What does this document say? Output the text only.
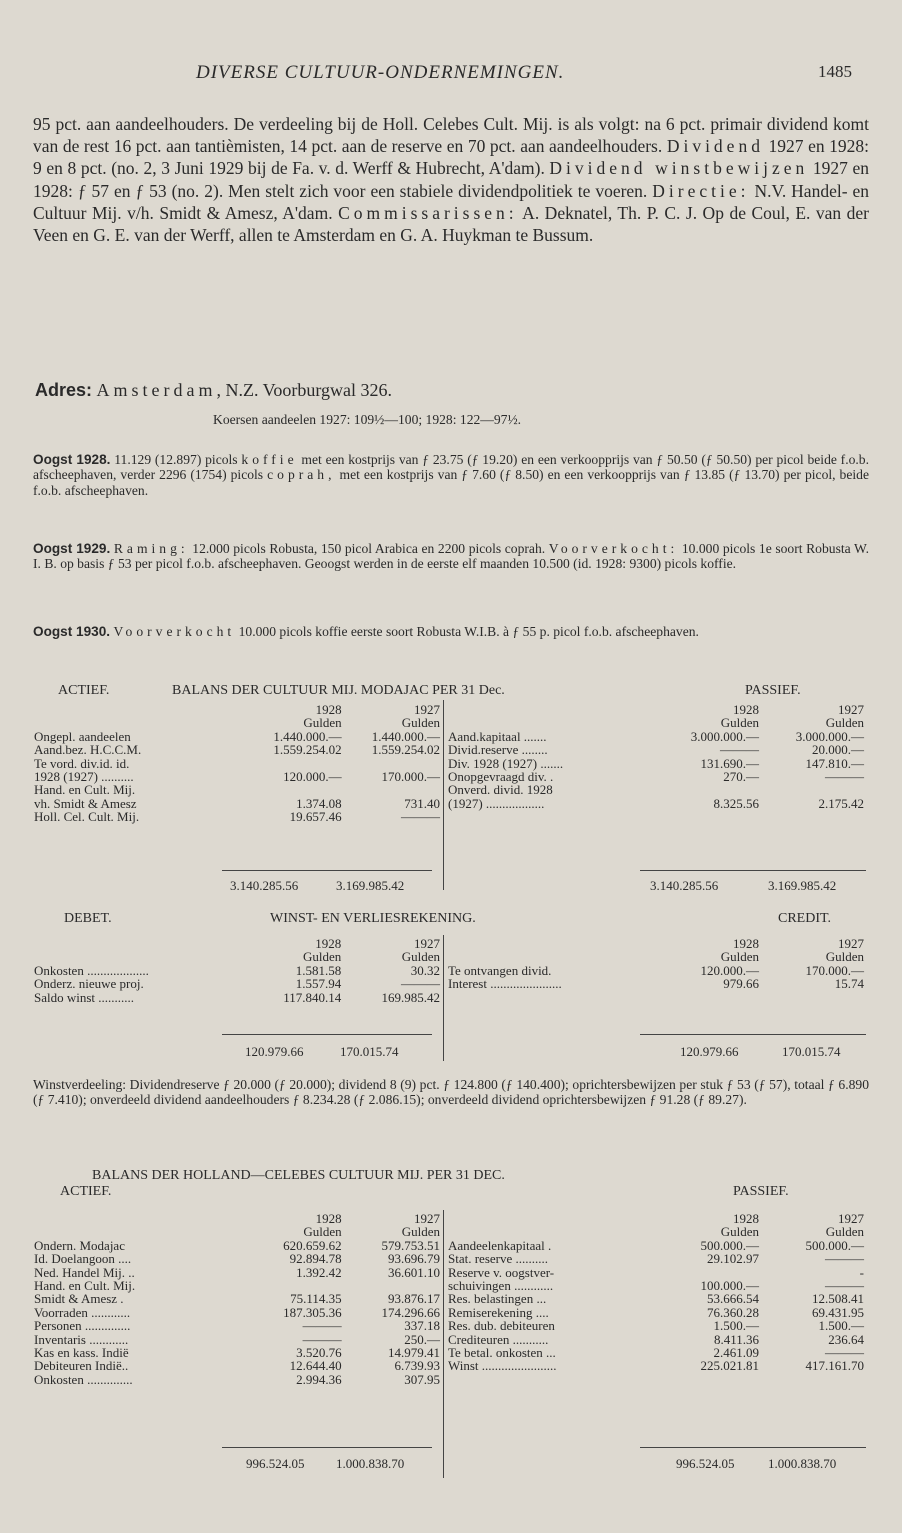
DIVERSE CULTUUR-ONDERNEMINGEN.	1485

95 pct. aan aandeelhouders. De verdeeling bij de Holl. Celebes Cult. Mij. is als volgt: na 6 pct. primair dividend komt van de rest 16 pct. aan tantièmisten, 14 pct. aan de reserve en 70 pct. aan aandeelhouders. Dividend 1927 en 1928: 9 en 8 pct. (no. 2, 3 Juni 1929 bij de Fa. v. d. Werff & Hubrecht, A'dam). Dividend winstbewijzen 1927 en 1928: ƒ 57 en ƒ 53 (no. 2). Men stelt zich voor een stabiele dividendpolitiek te voeren. Directie: N.V. Handel- en Cultuur Mij. v/h. Smidt & Amesz, A'dam. Commissarissen: A. Deknatel, Th. P. C. J. Op de Coul, E. van der Veen en G. E. van der Werff, allen te Amsterdam en G. A. Huykman te Bussum.

Adres: Amsterdam, N.Z. Voorburgwal 326.
Koersen aandeelen 1927: 109½—100; 1928: 122—97½.

Oogst 1928. 11.129 (12.897) picols koffie met een kostprijs van ƒ 23.75 (ƒ 19.20) en een verkoopprijs van ƒ 50.50 (ƒ 50.50) per picol beide f.o.b. afscheephaven, verder 2296 (1754) picols coprah, met een kostprijs van ƒ 7.60 (ƒ 8.50) en een verkoopprijs van ƒ 13.85 (ƒ 13.70) per picol, beide f.o.b. afscheephaven.

Oogst 1929. Raming: 12.000 picols Robusta, 150 picol Arabica en 2200 picols coprah. Voorverkocht: 10.000 picols 1e soort Robusta W. I. B. op basis ƒ 53 per picol f.o.b. afscheephaven. Geoogst werden in de eerste elf maanden 10.500 (id. 1928: 9300) picols koffie.

Oogst 1930. Voorverkocht 10.000 picols koffie eerste soort Robusta W.I.B. à ƒ 55 p. picol f.o.b. afscheephaven.

ACTIEF.	BALANS DER CULTUUR MIJ. MODAJAC PER 31 Dec.	PASSIEF.
	1928	1927
	Gulden	Gulden
Ongepl. aandeelen	1.440.000.—	1.440.000.—
Aand.bez. H.C.C.M.	1.559.254.02	1.559.254.02
Te vord. div.id. id.		
1928 (1927) ..........	120.000.—	170.000.—
Hand. en Cult. Mij.		
vh. Smidt & Amesz	1.374.08	731.40
Holl. Cel. Cult. Mij.	19.657.46	———
	1928	1927
	Gulden	Gulden
Aand.kapitaal .......	3.000.000.—	3.000.000.—
Divid.reserve ........	———	20.000.—
Div. 1928 (1927) .......	131.690.—	147.810.—
Onopgevraagd div. .	270.—	———
Onverd. divid. 1928		
(1927) ..................	8.325.56	2.175.42

3.140.285.56	3.169.985.42	3.140.285.56	3.169.985.42
DEBET.	WINST- EN VERLIESREKENING.	CREDIT.
	1928	1927
	Gulden	Gulden
Onkosten ...................	1.581.58	30.32
Onderz. nieuwe proj.	1.557.94	———
Saldo winst ...........	117.840.14	169.985.42
	1928	1927
	Gulden	Gulden
Te ontvangen divid.	120.000.—	170.000.—
Interest ......................	979.66	15.74

120.979.66	170.015.74	120.979.66	170.015.74

Winstverdeeling: Dividendreserve ƒ 20.000 (ƒ 20.000); dividend 8 (9) pct. ƒ 124.800 (ƒ 140.400); oprichtersbewijzen per stuk ƒ 53 (ƒ 57), totaal ƒ 6.890 (ƒ 7.410); onverdeeld dividend aandeelhouders ƒ 8.234.28 (ƒ 2.086.15); onverdeeld dividend oprichtersbewijzen ƒ 91.28 (ƒ 89.27).

BALANS DER HOLLAND—CELEBES CULTUUR MIJ. PER 31 DEC.
ACTIEF.	PASSIEF.
	1928	1927
	Gulden	Gulden
Ondern. Modajac	620.659.62	579.753.51
Id. Doelangoon ....	92.894.78	93.696.79
Ned. Handel Mij. ..	1.392.42	36.601.10
Hand. en Cult. Mij.		
Smidt & Amesz .	75.114.35	93.876.17
Voorraden ............	187.305.36	174.296.66
Personen ..............	———	337.18
Inventaris ............	———	250.—
Kas en kass. Indië	3.520.76	14.979.41
Debiteuren Indië..	12.644.40	6.739.93
Onkosten ..............	2.994.36	307.95
	1928	1927
	Gulden	Gulden
Aandeelenkapitaal .	500.000.—	500.000.—
Stat. reserve ..........	29.102.97	———
Reserve v. oogstver-		-
schuivingen ............	100.000.—	———
Res. belastingen ...	53.666.54	12.508.41
Remiserekening ....	76.360.28	69.431.95
Res. dub. debiteuren	1.500.—	1.500.—
Crediteuren ...........	8.411.36	236.64
Te betal. onkosten ...	2.461.09	———
Winst .......................	225.021.81	417.161.70

996.524.05 1.000.838.70	996.524.05	1.000.838.70
